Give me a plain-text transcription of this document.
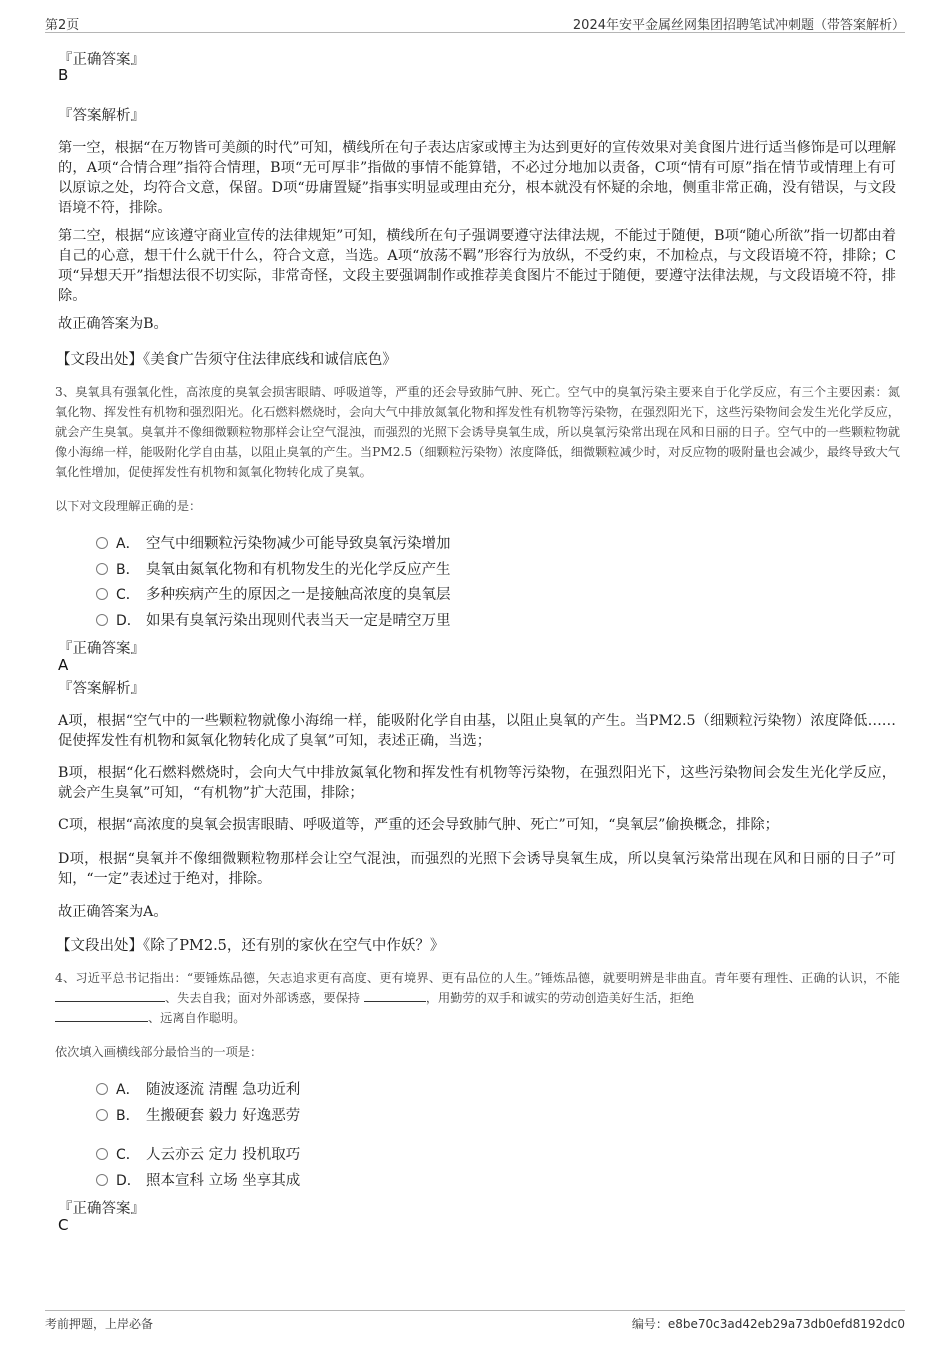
第2页	2024年安平金属丝网集团招聘笔试冲刺题（带答案解析）
『正确答案』
B
『答案解析』
第一空，根据“在万物皆可美颜的时代”可知，横线所在句子表达店家或博主为达到更好的宣传效果对美食图片进行适当修饰是可以理解的，A项“合情合理”指符合情理，B项“无可厚非”指做的事情不能算错，不必过分地加以责备，C项“情有可原”指在情节或情理上有可以原谅之处，均符合文意，保留。D项“毋庸置疑”指事实明显或理由充分，根本就没有怀疑的余地，侧重非常正确，没有错误，与文段语境不符，排除。
第二空，根据“应该遵守商业宣传的法律规矩”可知，横线所在句子强调要遵守法律法规，不能过于随便，B项“随心所欲”指一切都由着自己的心意，想干什么就干什么，符合文意，当选。A项“放荡不羁”形容行为放纵，不受约束，不加检点，与文段语境不符，排除；C项“异想天开”指想法很不切实际，非常奇怪，文段主要强调制作或推荐美食图片不能过于随便，要遵守法律法规，与文段语境不符，排除。
故正确答案为B。
【文段出处】《美食广告须守住法律底线和诚信底色》
3、臭氧具有强氧化性，高浓度的臭氧会损害眼睛、呼吸道等，严重的还会导致肺气肿、死亡。空气中的臭氧污染主要来自于化学反应，有三个主要因素：氮氧化物、挥发性有机物和强烈阳光。化石燃料燃烧时，会向大气中排放氮氧化物和挥发性有机物等污染物，在强烈阳光下，这些污染物间会发生光化学反应，就会产生臭氧。臭氧并不像细微颗粒物那样会让空气混浊，而强烈的光照下会诱导臭氧生成，所以臭氧污染常出现在风和日丽的日子。空气中的一些颗粒物就像小海绵一样，能吸附化学自由基，以阻止臭氧的产生。当PM2.5（细颗粒污染物）浓度降低，细微颗粒减少时，对反应物的吸附量也会减少，最终导致大气氧化性增加，促使挥发性有机物和氮氧化物转化成了臭氧。
以下对文段理解正确的是：
A． 空气中细颗粒污染物减少可能导致臭氧污染增加
B． 臭氧由氮氧化物和有机物发生的光化学反应产生
C． 多种疾病产生的原因之一是接触高浓度的臭氧层
D． 如果有臭氧污染出现则代表当天一定是晴空万里
『正确答案』
A
『答案解析』
A项，根据“空气中的一些颗粒物就像小海绵一样，能吸附化学自由基，以阻止臭氧的产生。当PM2.5（细颗粒污染物）浓度降低……促使挥发性有机物和氮氧化物转化成了臭氧”可知，表述正确，当选；
B项，根据“化石燃料燃烧时，会向大气中排放氮氧化物和挥发性有机物等污染物，在强烈阳光下，这些污染物间会发生光化学反应，就会产生臭氧”可知，“有机物”扩大范围，排除；
C项，根据“高浓度的臭氧会损害眼睛、呼吸道等，严重的还会导致肺气肿、死亡”可知，“臭氧层”偷换概念，排除；
D项，根据“臭氧并不像细微颗粒物那样会让空气混浊，而强烈的光照下会诱导臭氧生成，所以臭氧污染常出现在风和日丽的日子”可知，“一定”表述过于绝对，排除。
故正确答案为A。
【文段出处】《除了PM2.5，还有别的家伙在空气中作妖？》
4、习近平总书记指出：“要锤炼品德，矢志追求更有高度、更有境界、更有品位的人生。”锤炼品德，就要明辨是非曲直。青年要有理性、正确的认识，不能 、失去自我；面对外部诱惑，要保持	，用勤劳的双手和诚实的劳动创造美好生活，拒绝
、远离自作聪明。
依次填入画横线部分最恰当的一项是：
A． 随波逐流 清醒 急功近利
B． 生搬硬套 毅力 好逸恶劳
C． 人云亦云 定力 投机取巧
D． 照本宣科 立场 坐享其成
『正确答案』
C
考前押题，上岸必备	编号：e8be70c3ad42eb29a73db0efd8192dc0
